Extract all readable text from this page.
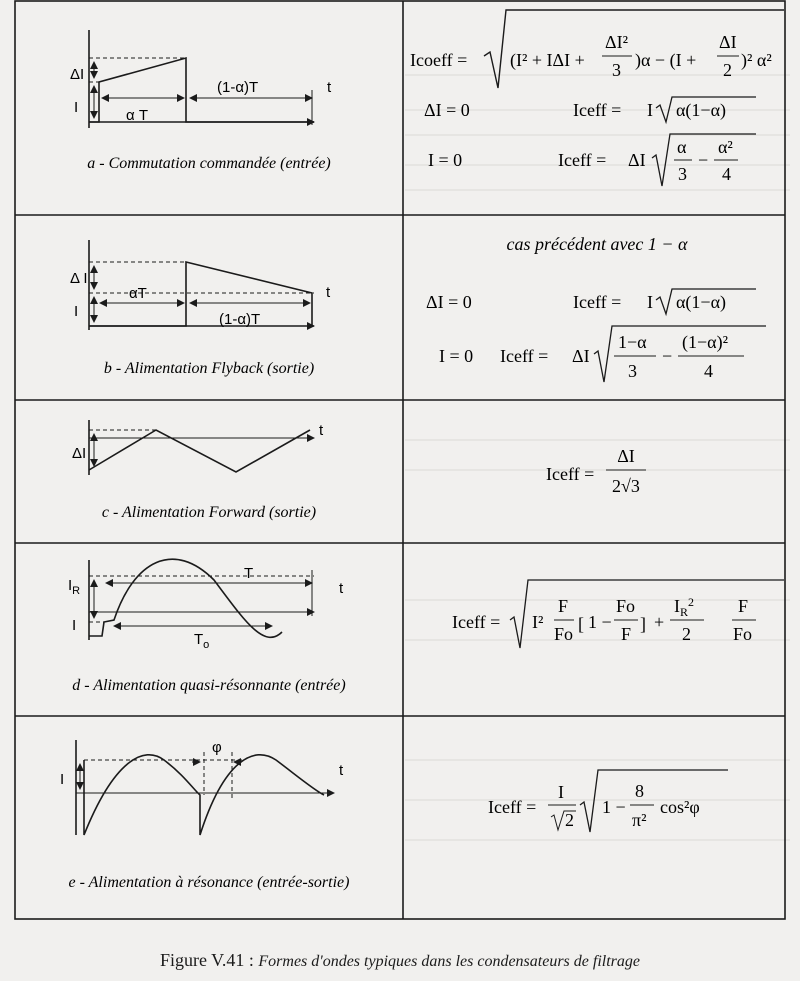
ΔI
I	α T
(1-α)T	t
a - Commutation commandée (entrée)
Icoeff = (I² + IΔI +
ΔI²
3 )α − (I +
ΔI
2 )² α²
ΔI = 0	Iceff = I α(1−α)
I = 0	Iceff = ΔI
α
3
−
α²
4
Δ I
I
αT
(1-α)T
t
b - Alimentation Flyback (sortie)
cas précédent avec 1 − α
ΔI = 0	Iceff = I α(1−α)
I = 0 Iceff = ΔI
1−α
3
−
(1−α)²
4
ΔI
t
c - Alimentation Forward (sortie)
Iceff =
ΔI
2√3
$I_R$
I
T
$T_o$
t
d - Alimentation quasi-résonnante (entrée)
Iceff = I²
F
Fo [ 1 −
Fo
F ] +
$I_R^2$
2
F
Fo
I
φ
t
e - Alimentation à résonance (entrée-sortie)
Iceff =
I
2
1 −
8
π²
cos²φ
Figure V.41 : Formes d'ondes typiques dans les condensateurs de filtrage
